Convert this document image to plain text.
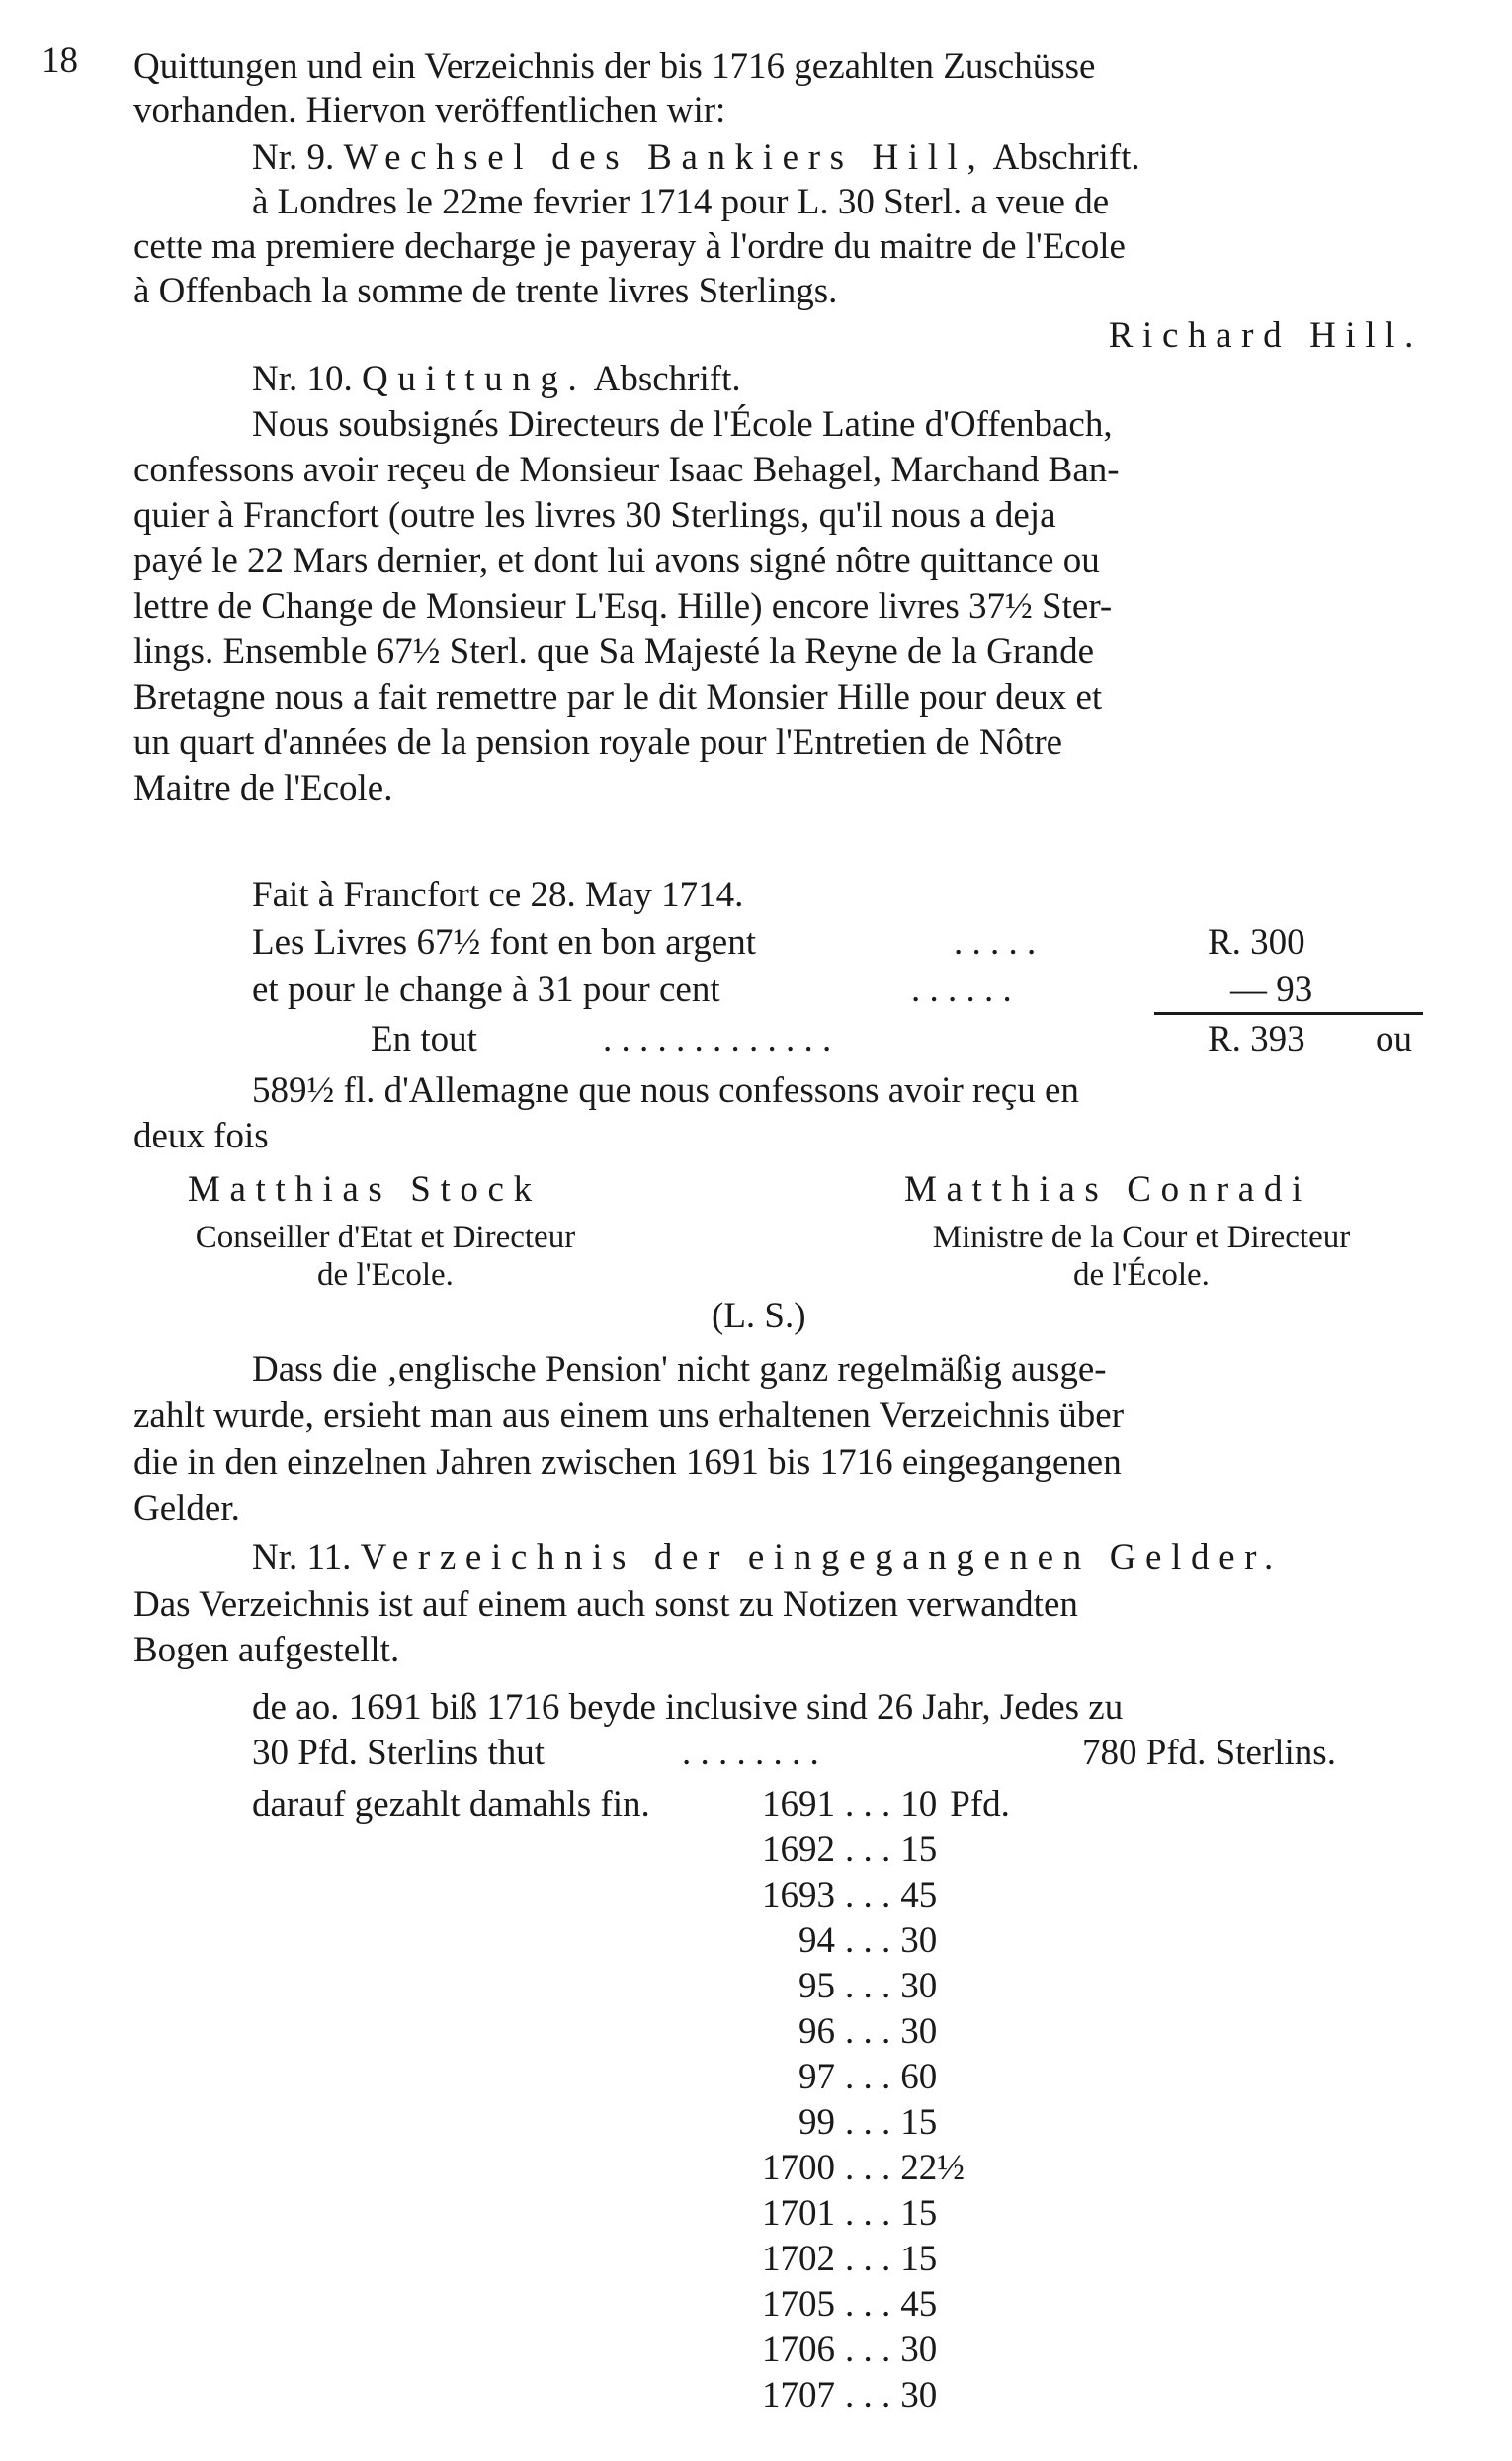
18 Quittungen und ein Verzeichnis der bis 1716 gezahlten Zuschüsse
vorhanden. Hiervon veröffentlichen wir:
Nr. 9. Wechsel des Bankiers Hill, Abschrift.
à Londres le 22me fevrier 1714 pour L. 30 Sterl. a veue de
cette ma premiere decharge je payeray à l'ordre du maitre de l'Ecole
à Offenbach la somme de trente livres Sterlings.
Richard Hill.
Nr. 10. Quittung. Abschrift.
Nous soubsignés Directeurs de l'École Latine d'Offenbach,
confessons avoir reçeu de Monsieur Isaac Behagel, Marchand Ban-
quier à Francfort (outre les livres 30 Sterlings, qu'il nous a deja
payé le 22 Mars dernier, et dont lui avons signé nôtre quittance ou
lettre de Change de Monsieur L'Esq. Hille) encore livres 37½ Ster-
lings. Ensemble 67½ Sterl. que Sa Majesté la Reyne de la Grande
Bretagne nous a fait remettre par le dit Monsier Hille pour deux et
un quart d'années de la pension royale pour l'Entretien de Nôtre
Maitre de l'Ecole.
Fait à Francfort ce 28. May 1714.
Les Livres 67½ font en bon argent	. . . . .	R. 300
et pour le change à 31 pour cent	. . . . . .	— 93
En tout	. . . . . . . . . . . . .	R. 393 ou
589½ fl. d'Allemagne que nous confessons avoir reçu en
deux fois
Matthias Stock	Matthias Conradi
Conseiller d'Etat et Directeur
de l'Ecole.
Ministre de la Cour et Directeur
de l'École.
(L. S.)
Dass die ‚englische Pension' nicht ganz regelmäßig ausge-
zahlt wurde, ersieht man aus einem uns erhaltenen Verzeichnis über
die in den einzelnen Jahren zwischen 1691 bis 1716 eingegangenen
Gelder.
Nr. 11. Verzeichnis der eingegangenen Gelder.
Das Verzeichnis ist auf einem auch sonst zu Notizen verwandten
Bogen aufgestellt.
de ao. 1691 biß 1716 beyde inclusive sind 26 Jahr, Jedes zu
30 Pfd. Sterlins thut	. . . . . . . .	780 Pfd. Sterlins.
darauf gezahlt damahls fin.	1691 . . . 10 Pfd.
1692 . . . 15
1693 . . . 45
94 . . . 30
95 . . . 30
96 . . . 30
97 . . . 60
99 . . . 15
1700 . . . 22½
1701 . . . 15
1702 . . . 15
1705 . . . 45
1706 . . . 30
1707 . . . 30
